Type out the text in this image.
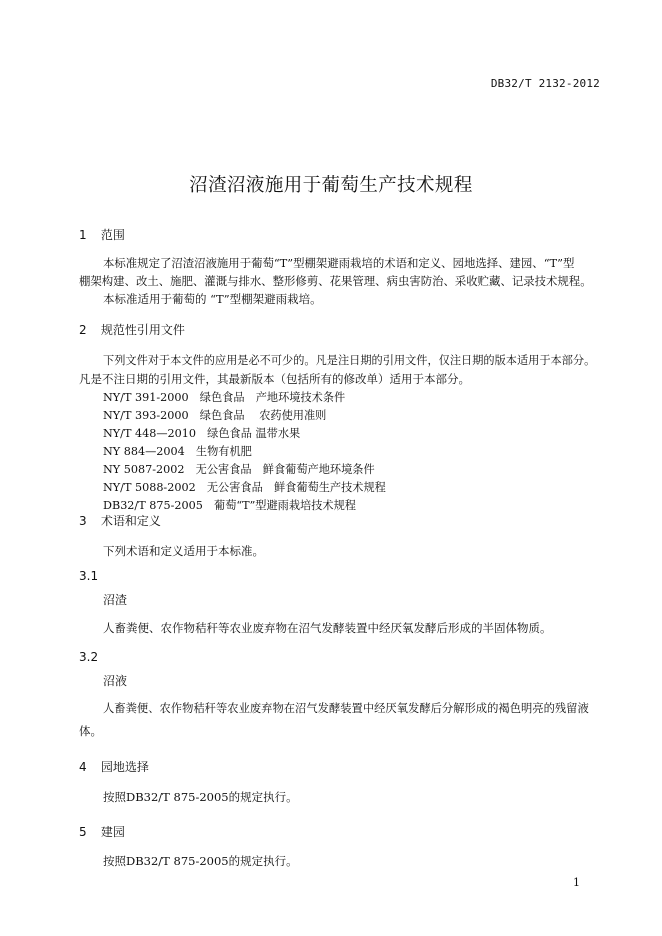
DB32/T 2132-2012
沼渣沼液施用于葡萄生产技术规程
1 范围
本标准规定了沼渣沼液施用于葡萄“T”型棚架避雨栽培的术语和定义、园地选择、建园、“T”型
棚架构建、改土、施肥、灌溉与排水、整形修剪、花果管理、病虫害防治、采收贮藏、记录技术规程。
本标准适用于葡萄的 “T”型棚架避雨栽培。
2 规范性引用文件
下列文件对于本文件的应用是必不可少的。凡是注日期的引用文件，仅注日期的版本适用于本部分。
凡是不注日期的引用文件，其最新版本（包括所有的修改单）适用于本部分。
NY/T 391-2000　绿色食品　产地环境技术条件
NY/T 393-2000　绿色食品　 农药使用准则
NY/T 448—2010　绿色食品 温带水果
NY 884—2004　生物有机肥
NY 5087-2002　无公害食品　鲜食葡萄产地环境条件
NY/T 5088-2002　无公害食品　鲜食葡萄生产技术规程
DB32/T 875-2005　葡萄“T”型避雨栽培技术规程
3 术语和定义
下列术语和定义适用于本标准。
3.1
沼渣
人畜粪便、农作物秸秆等农业废弃物在沼气发酵装置中经厌氧发酵后形成的半固体物质。
3.2
沼液
人畜粪便、农作物秸秆等农业废弃物在沼气发酵装置中经厌氧发酵后分解形成的褐色明亮的残留液
体。
4 园地选择
按照DB32/T 875-2005的规定执行。
5 建园
按照DB32/T 875-2005的规定执行。
1
